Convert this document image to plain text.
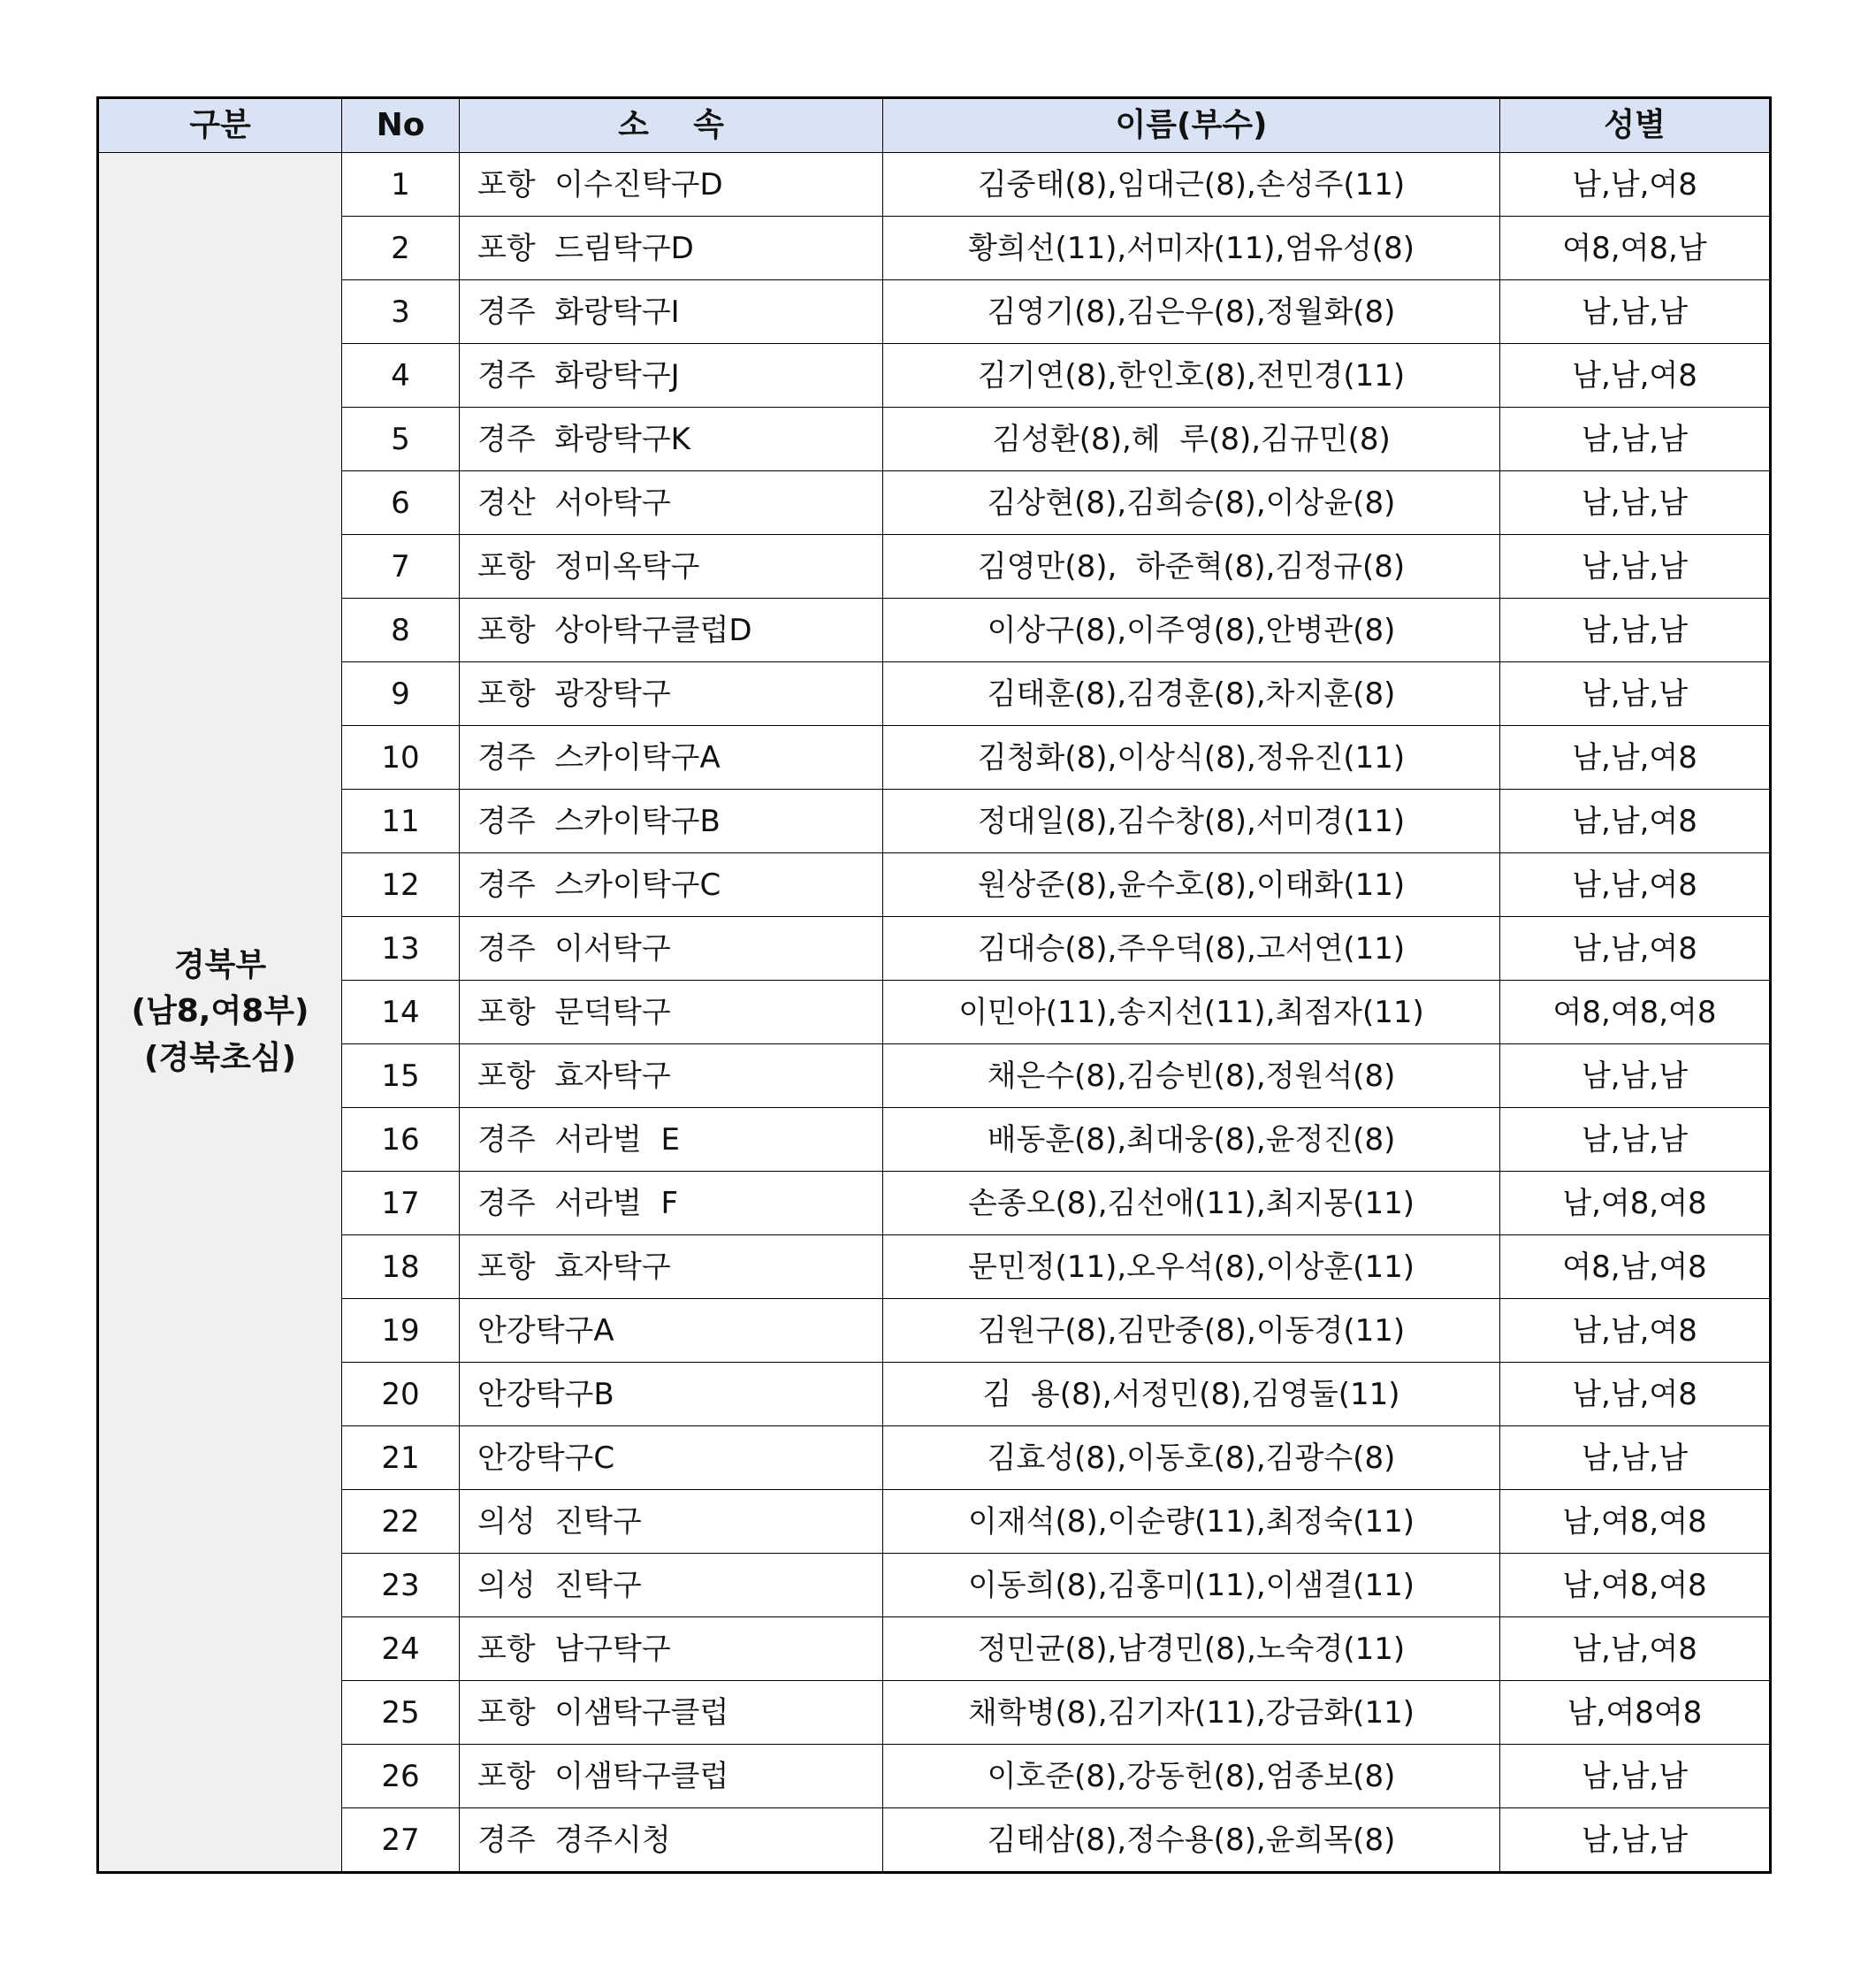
구분	No	소    속	이름(부수)	성별

경북부
(남8,여8부)
(경북초심)	1	포항  이수진탁구D	김중태(8),임대근(8),손성주(11)	남,남,여8
	2	포항  드림탁구D	황희선(11),서미자(11),엄유성(8)	여8,여8,남
	3	경주  화랑탁구I	김영기(8),김은우(8),정월화(8)	남,남,남
	4	경주  화랑탁구J	김기연(8),한인호(8),전민경(11)	남,남,여8
	5	경주  화랑탁구K	김성환(8),헤  루(8),김규민(8)	남,남,남
	6	경산  서아탁구	김상현(8),김희승(8),이상윤(8)	남,남,남
	7	포항  정미옥탁구	김영만(8),  하준혁(8),김정규(8)	남,남,남
	8	포항  상아탁구클럽D	이상구(8),이주영(8),안병관(8)	남,남,남
	9	포항  광장탁구	김태훈(8),김경훈(8),차지훈(8)	남,남,남
	10	경주  스카이탁구A	김청화(8),이상식(8),정유진(11)	남,남,여8
	11	경주  스카이탁구B	정대일(8),김수창(8),서미경(11)	남,남,여8
	12	경주  스카이탁구C	원상준(8),윤수호(8),이태화(11)	남,남,여8
	13	경주  이서탁구	김대승(8),주우덕(8),고서연(11)	남,남,여8
	14	포항  문덕탁구	이민아(11),송지선(11),최점자(11)	여8,여8,여8
	15	포항  효자탁구	채은수(8),김승빈(8),정원석(8)	남,남,남
	16	경주  서라벌  E	배동훈(8),최대웅(8),윤정진(8)	남,남,남
	17	경주  서라벌  F	손종오(8),김선애(11),최지몽(11)	남,여8,여8
	18	포항  효자탁구	문민정(11),오우석(8),이상훈(11)	여8,남,여8
	19	안강탁구A	김원구(8),김만중(8),이동경(11)	남,남,여8
	20	안강탁구B	김  용(8),서정민(8),김영둘(11)	남,남,여8
	21	안강탁구C	김효성(8),이동호(8),김광수(8)	남,남,남
	22	의성  진탁구	이재석(8),이순량(11),최정숙(11)	남,여8,여8
	23	의성  진탁구	이동희(8),김홍미(11),이샘결(11)	남,여8,여8
	24	포항  남구탁구	정민균(8),남경민(8),노숙경(11)	남,남,여8
	25	포항  이샘탁구클럽	채학병(8),김기자(11),강금화(11)	남,여8여8
	26	포항  이샘탁구클럽	이호준(8),강동헌(8),엄종보(8)	남,남,남
	27	경주  경주시청	김태삼(8),정수용(8),윤희목(8)	남,남,남
